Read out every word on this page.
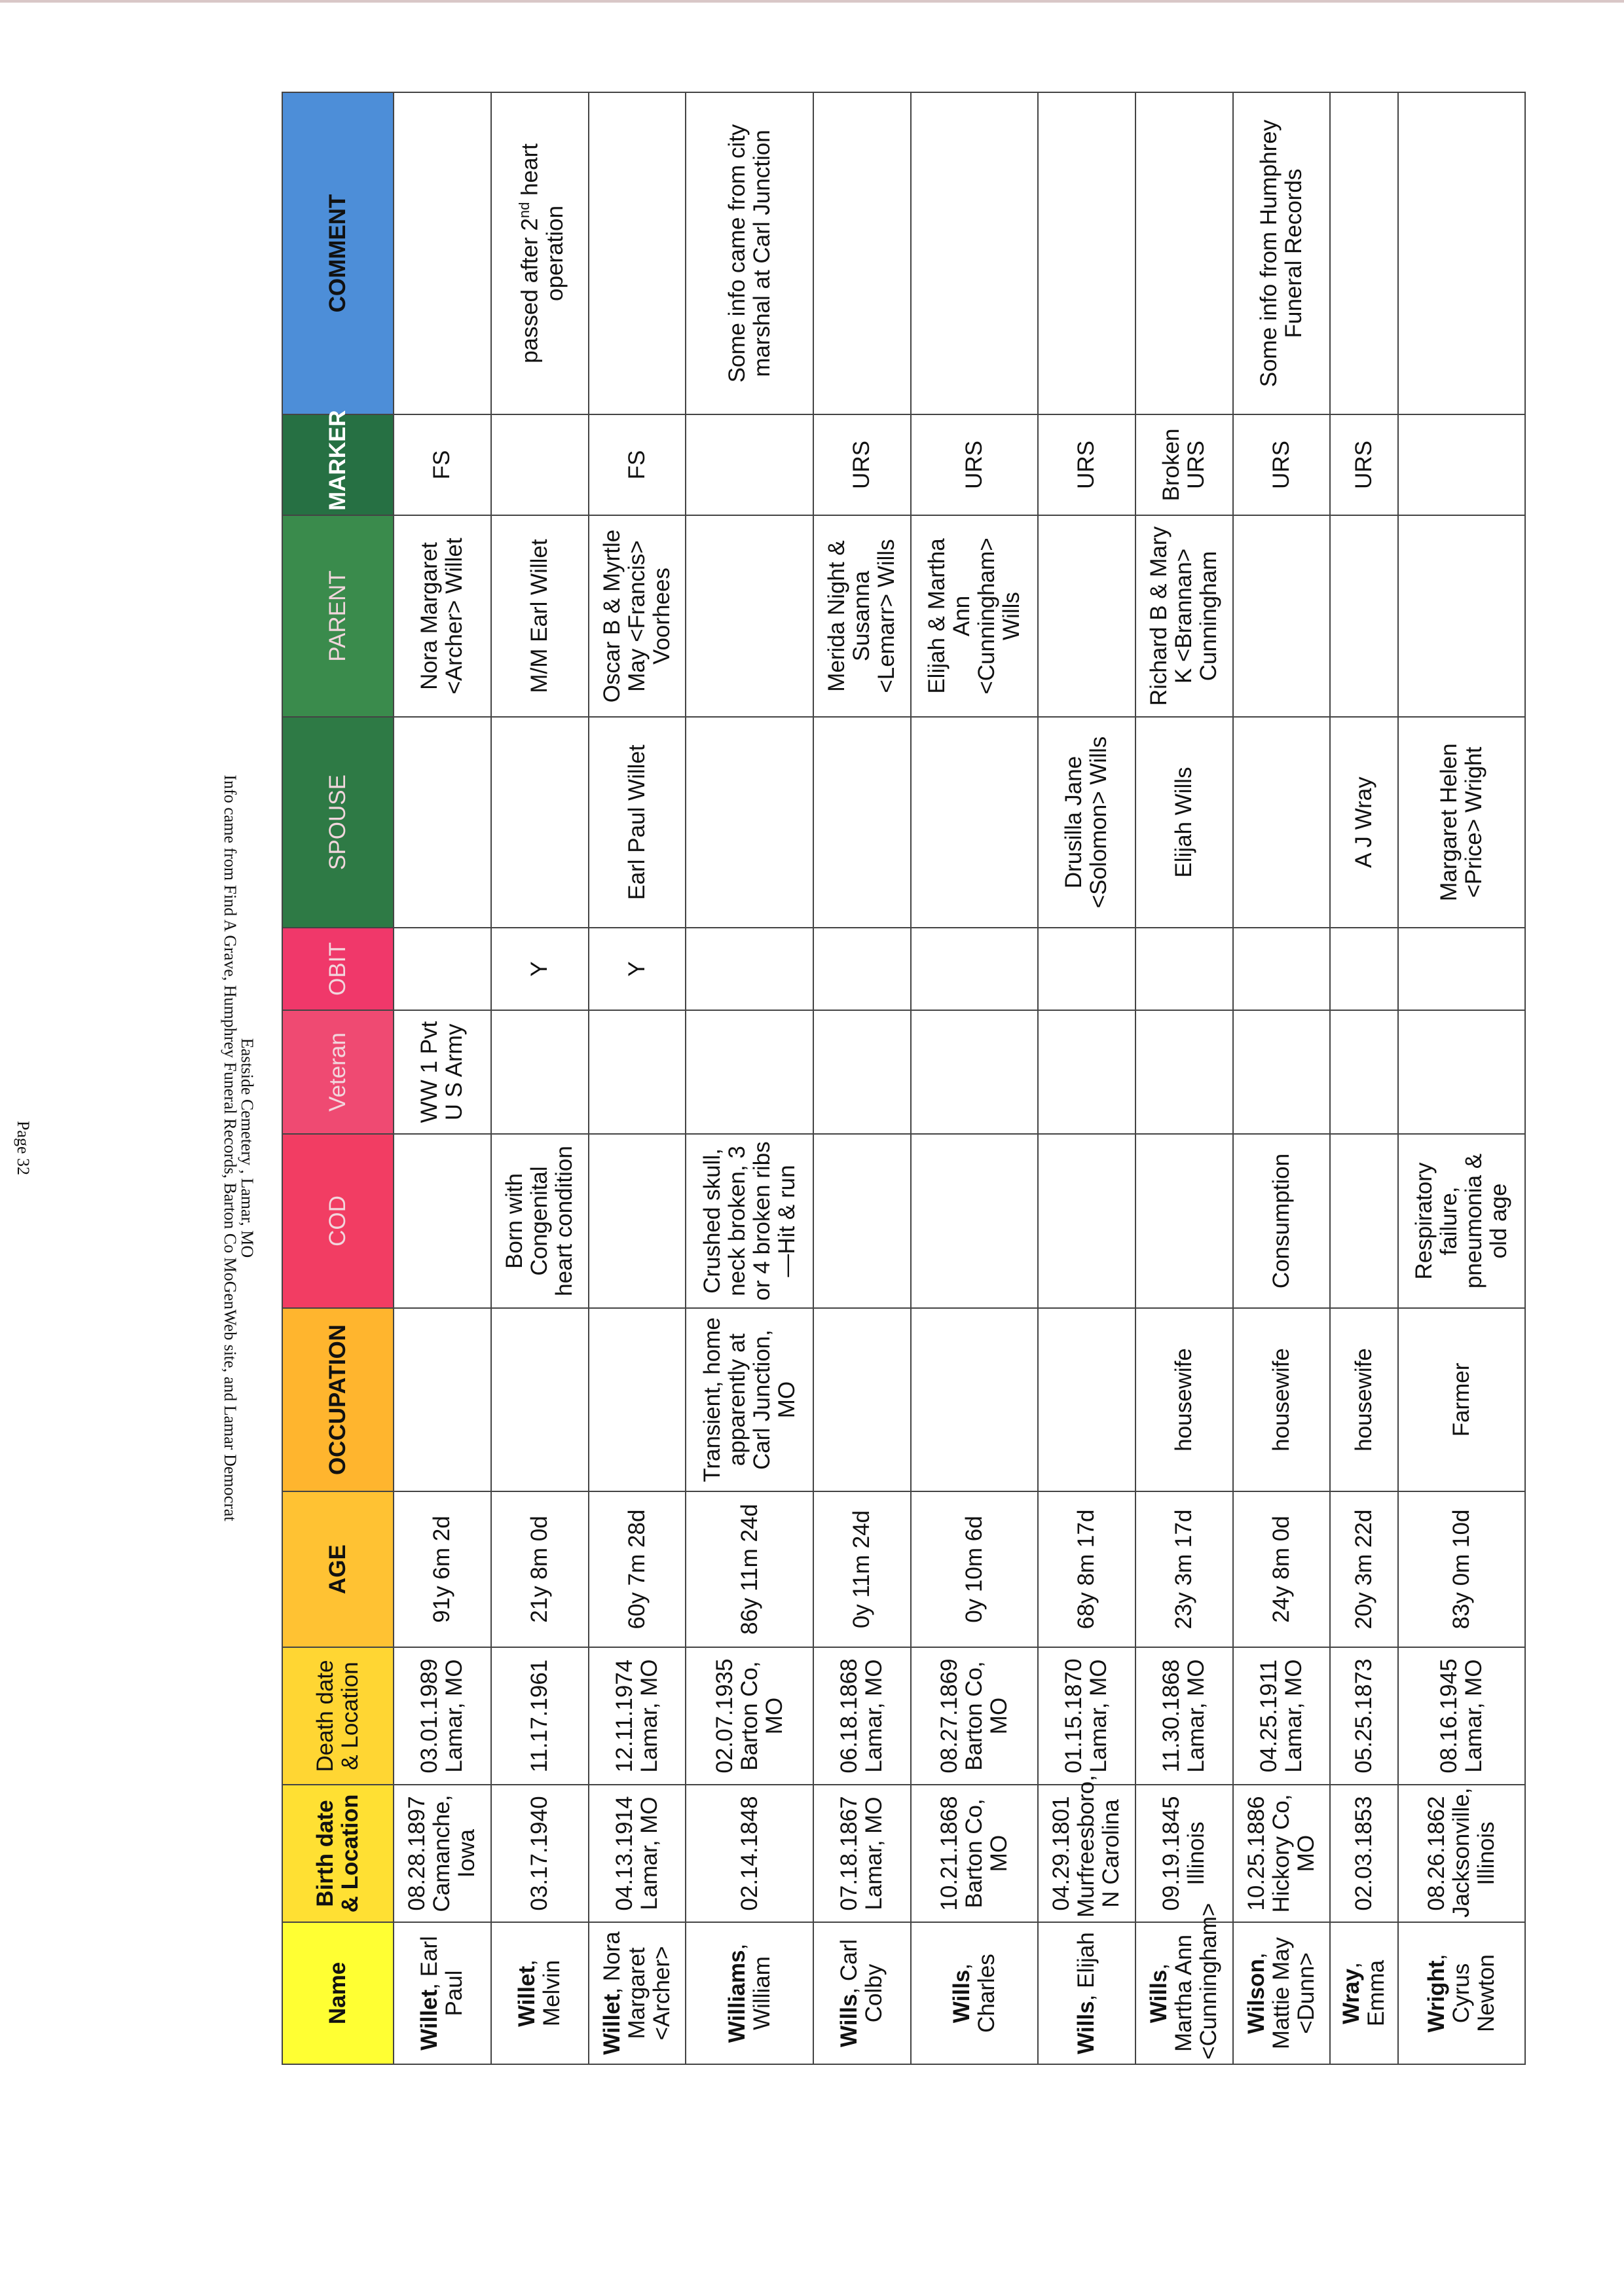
Eastside Cemetery , Lamar, MO
Info came from Find A Grave, Humphrey Funeral Records, Barton Co MoGenWeb site, and Lamar Democrat
Name	Birth date & Location	Death date & Location	AGE	OCCUPATION	COD	Veteran	OBIT	SPOUSE	PARENT	MARKER	COMMENT
Willet, Earl Paul	08.28.1897 Camanche, Iowa	03.01.1989 Lamar, MO	91y 6m 2d			WW 1 Pvt U S Army			Nora Margaret <Archer> Willet	FS	
Willet, Melvin	03.17.1940	11.17.1961	21y 8m 0d		Born with Congenital heart condition		Y		M/M Earl Willet		passed after 2nd heart operation
Willet, Nora Margaret <Archer>	04.13.1914 Lamar, MO	12.11.1974 Lamar, MO	60y 7m 28d				Y	Earl Paul Willet	Oscar B & Myrtle May <Francis> Voorhees	FS	
Williams, William	02.14.1848	02.07.1935 Barton Co, MO	86y 11m 24d	Transient, home apparently at Carl Junction, MO	Crushed skull, neck broken, 3 or 4 broken ribs—Hit & run						Some info came from city marshal at Carl Junction
Wills, Carl Colby	07.18.1867 Lamar, MO	06.18.1868 Lamar, MO	0y 11m 24d						Merida Night & Susanna <Lemarr> Wills	URS	
Wills, Charles	10.21.1868 Barton Co, MO	08.27.1869 Barton Co, MO	0y 10m 6d						Elijah & Martha Ann <Cunningham> Wills	URS	
Wills, Elijah	04.29.1801 Murfreesboro, N Carolina	01.15.1870 Lamar, MO	68y 8m 17d					Drusilla Jane <Solomon> Wills		URS	
Wills, Martha Ann <Cunningham>	09.19.1845 Illinois	11.30.1868 Lamar, MO	23y 3m 17d	housewife				Elijah Wills	Richard B & Mary K <Brannan> Cunningham	Broken URS	
Wilson, Mattie May <Dunn>	10.25.1886 Hickory Co, MO	04.25.1911 Lamar, MO	24y 8m 0d	housewife	Consumption					URS	Some info from Humphrey Funeral Records
Wray, Emma	02.03.1853	05.25.1873	20y 3m 22d	housewife				A J Wray		URS	
Wright, Cyrus Newton	08.26.1862 Jacksonville, Illinois	08.16.1945 Lamar, MO	83y 0m 10d	Farmer	Respiratory failure, pneumonia & old age			Margaret Helen <Price> Wright			
Page 32
